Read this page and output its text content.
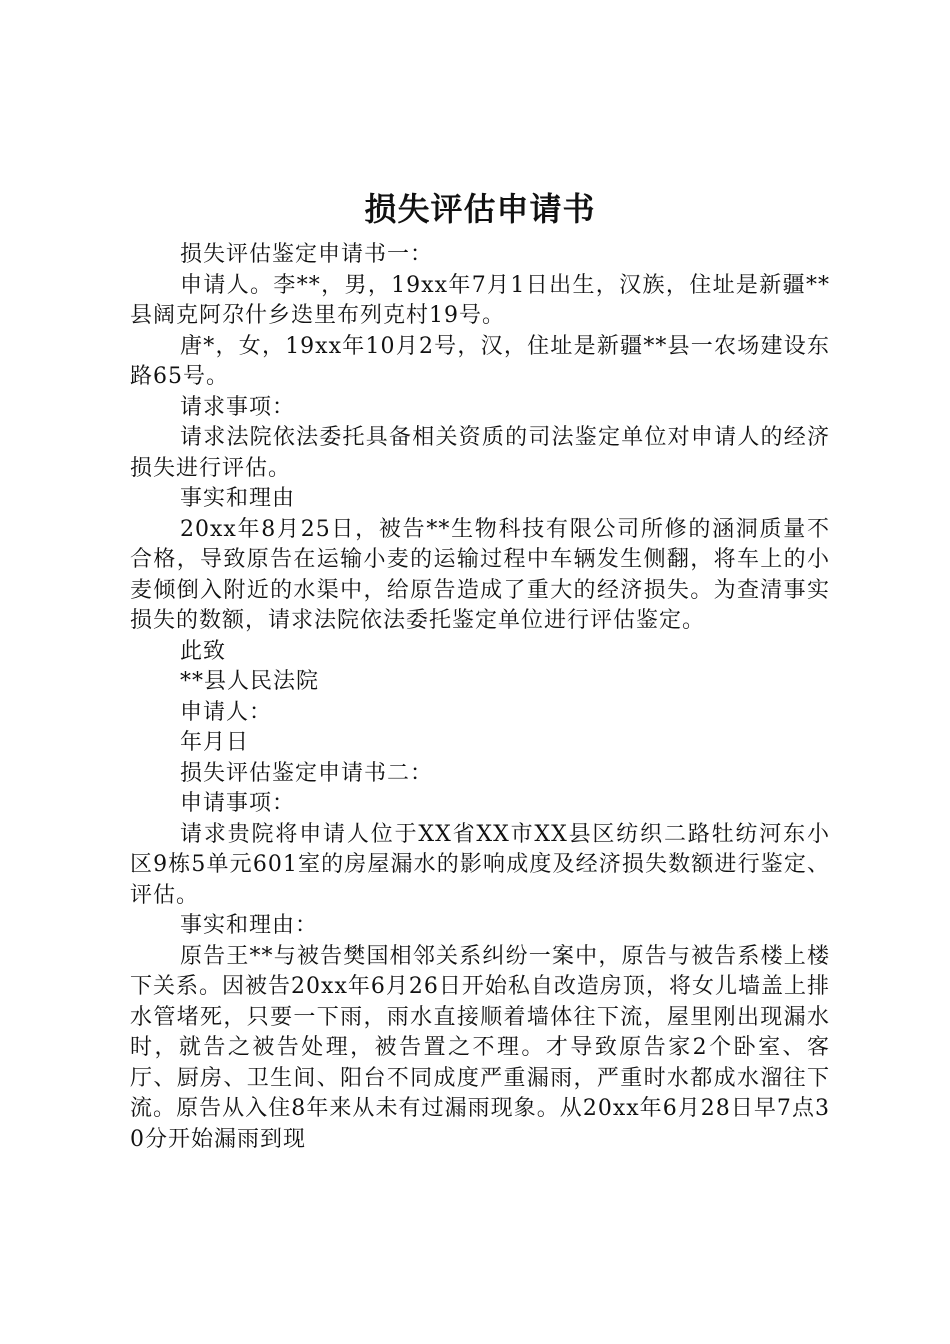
损失评估申请书

损失评估鉴定申请书一：

申请人。李**，男，19xx年7月1日出生，汉族，住址是新疆**县阔克阿尕什乡迭里布列克村19号。

唐*，女，19xx年10月2号，汉，住址是新疆**县一农场建设东路65号。

请求事项：

请求法院依法委托具备相关资质的司法鉴定单位对申请人的经济损失进行评估。

事实和理由

20xx年8月25日，被告**生物科技有限公司所修的涵洞质量不合格，导致原告在运输小麦的运输过程中车辆发生侧翻，将车上的小麦倾倒入附近的水渠中，给原告造成了重大的经济损失。为查清事实损失的数额，请求法院依法委托鉴定单位进行评估鉴定。

此致

**县人民法院

申请人：

年月日

损失评估鉴定申请书二：

申请事项：

请求贵院将申请人位于XX省XX市XX县区纺织二路牡纺河东小区9栋5单元601室的房屋漏水的影响成度及经济损失数额进行鉴定、评估。

事实和理由：

原告王**与被告樊国相邻关系纠纷一案中，原告与被告系楼上楼下关系。因被告20xx年6月26日开始私自改造房顶，将女儿墙盖上排水管堵死，只要一下雨，雨水直接顺着墙体往下流，屋里刚出现漏水时，就告之被告处理，被告置之不理。才导致原告家2个卧室、客厅、厨房、卫生间、阳台不同成度严重漏雨，严重时水都成水溜往下流。原告从入住8年来从未有过漏雨现象。从20xx年6月28日早7点30分开始漏雨到现
